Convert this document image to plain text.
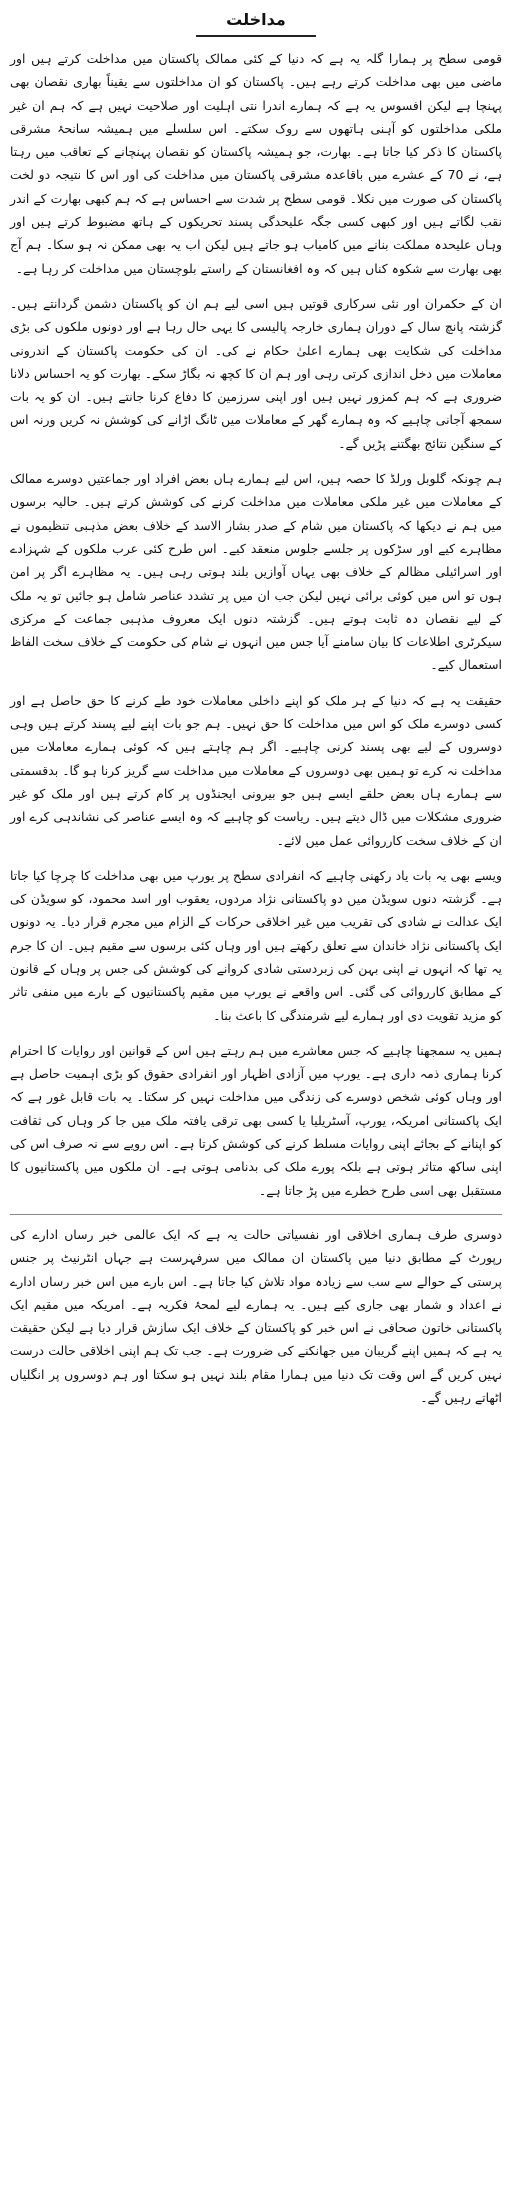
مداخلت

قومی سطح پر ہمارا گلہ یہ ہے کہ دنیا کے کئی ممالک پاکستان میں مداخلت کرتے ہیں اور ماضی میں بھی مداخلت کرتے رہے ہیں۔ پاکستان کو ان مداخلتوں سے یقیناً بھاری نقصان بھی پہنچا ہے لیکن افسوس یہ ہے کہ ہمارے اندرا نتی اہلیت اور صلاحیت نہیں ہے کہ ہم ان غیر ملکی مداخلتوں کو آہنی ہاتھوں سے روک سکتے۔ اس سلسلے میں ہمیشہ سانحۂ مشرقی پاکستان کا ذکر کیا جاتا ہے۔ بھارت، جو ہمیشہ پاکستان کو نقصان پہنچانے کے تعاقب میں رہتا ہے، نے 70 کے عشرے میں باقاعدہ مشرقی پاکستان میں مداخلت کی اور اس کا نتیجہ دو لخت پاکستان کی صورت میں نکلا۔ قومی سطح پر شدت سے احساس ہے کہ ہم کبھی بھارت کے اندر نقب لگاتے ہیں اور کبھی کسی جگہ علیحدگی پسند تحریکوں کے ہاتھ مضبوط کرتے ہیں اور وہاں علیحدہ مملکت بنانے میں کامیاب ہو جاتے ہیں لیکن اب یہ بھی ممکن نہ ہو سکا۔ ہم آج بھی بھارت سے شکوہ کناں ہیں کہ وہ افغانستان کے راستے بلوچستان میں مداخلت کر رہا ہے۔

ان کے حکمران اور نئی سرکاری قوتیں ہیں اسی لیے ہم ان کو پاکستان دشمن گردانتے ہیں۔ گزشتہ پانچ سال کے دوران ہماری خارجہ پالیسی کا یہی حال رہا ہے اور دونوں ملکوں کی بڑی مداخلت کی شکایت بھی ہمارے اعلیٰ حکام نے کی۔ ان کی حکومت پاکستان کے اندرونی معاملات میں دخل اندازی کرتی رہی اور ہم ان کا کچھ نہ بگاڑ سکے۔ بھارت کو یہ احساس دلانا ضروری ہے کہ ہم کمزور نہیں ہیں اور اپنی سرزمین کا دفاع کرنا جانتے ہیں۔ ان کو یہ بات سمجھ آجانی چاہیے کہ وہ ہمارے گھر کے معاملات میں ٹانگ اڑانے کی کوشش نہ کریں ورنہ اس کے سنگین نتائج بھگتنے پڑیں گے۔

ہم چونکہ گلوبل ورلڈ کا حصہ ہیں، اس لیے ہمارے ہاں بعض افراد اور جماعتیں دوسرے ممالک کے معاملات میں غیر ملکی معاملات میں مداخلت کرنے کی کوشش کرتے ہیں۔ حالیہ برسوں میں ہم نے دیکھا کہ پاکستان میں شام کے صدر بشار الاسد کے خلاف بعض مذہبی تنظیموں نے مظاہرے کیے اور سڑکوں پر جلسے جلوس منعقد کیے۔ اس طرح کئی عرب ملکوں کے شہزادے اور اسرائیلی مظالم کے خلاف بھی یہاں آوازیں بلند ہوتی رہی ہیں۔ یہ مظاہرے اگر پر امن ہوں تو اس میں کوئی برائی نہیں لیکن جب ان میں پر تشدد عناصر شامل ہو جائیں تو یہ ملک کے لیے نقصان دہ ثابت ہوتے ہیں۔ گزشتہ دنوں ایک معروف مذہبی جماعت کے مرکزی سیکرٹری اطلاعات کا بیان سامنے آیا جس میں انہوں نے شام کی حکومت کے خلاف سخت الفاظ استعمال کیے۔

حقیقت یہ ہے کہ دنیا کے ہر ملک کو اپنے داخلی معاملات خود طے کرنے کا حق حاصل ہے اور کسی دوسرے ملک کو اس میں مداخلت کا حق نہیں۔ ہم جو بات اپنے لیے پسند کرتے ہیں وہی دوسروں کے لیے بھی پسند کرنی چاہیے۔ اگر ہم چاہتے ہیں کہ کوئی ہمارے معاملات میں مداخلت نہ کرے تو ہمیں بھی دوسروں کے معاملات میں مداخلت سے گریز کرنا ہو گا۔ بدقسمتی سے ہمارے ہاں بعض حلقے ایسے ہیں جو بیرونی ایجنڈوں پر کام کرتے ہیں اور ملک کو غیر ضروری مشکلات میں ڈال دیتے ہیں۔ ریاست کو چاہیے کہ وہ ایسے عناصر کی نشاندہی کرے اور ان کے خلاف سخت کارروائی عمل میں لائے۔

ویسے بھی یہ بات یاد رکھنی چاہیے کہ انفرادی سطح پر یورپ میں بھی مداخلت کا چرچا کیا جاتا ہے۔ گزشتہ دنوں سویڈن میں دو پاکستانی نژاد مردوں، یعقوب اور اسد محمود، کو سویڈن کی ایک عدالت نے شادی کی تقریب میں غیر اخلاقی حرکات کے الزام میں مجرم قرار دیا۔ یہ دونوں ایک پاکستانی نژاد خاندان سے تعلق رکھتے ہیں اور وہاں کئی برسوں سے مقیم ہیں۔ ان کا جرم یہ تھا کہ انہوں نے اپنی بہن کی زبردستی شادی کروانے کی کوشش کی جس پر وہاں کے قانون کے مطابق کارروائی کی گئی۔ اس واقعے نے یورپ میں مقیم پاکستانیوں کے بارے میں منفی تاثر کو مزید تقویت دی اور ہمارے لیے شرمندگی کا باعث بنا۔

ہمیں یہ سمجھنا چاہیے کہ جس معاشرے میں ہم رہتے ہیں اس کے قوانین اور روایات کا احترام کرنا ہماری ذمہ داری ہے۔ یورپ میں آزادی اظہار اور انفرادی حقوق کو بڑی اہمیت حاصل ہے اور وہاں کوئی شخص دوسرے کی زندگی میں مداخلت نہیں کر سکتا۔ یہ بات قابل غور ہے کہ ایک پاکستانی امریکہ، یورپ، آسٹریلیا یا کسی بھی ترقی یافتہ ملک میں جا کر وہاں کی ثقافت کو اپنانے کے بجائے اپنی روایات مسلط کرنے کی کوشش کرتا ہے۔ اس رویے سے نہ صرف اس کی اپنی ساکھ متاثر ہوتی ہے بلکہ پورے ملک کی بدنامی ہوتی ہے۔ ان ملکوں میں پاکستانیوں کا مستقبل بھی اسی طرح خطرے میں پڑ جاتا ہے۔

دوسری طرف ہماری اخلاقی اور نفسیاتی حالت یہ ہے کہ ایک عالمی خبر رساں ادارے کی رپورٹ کے مطابق دنیا میں پاکستان ان ممالک میں سرفہرست ہے جہاں انٹرنیٹ پر جنس پرستی کے حوالے سے سب سے زیادہ مواد تلاش کیا جاتا ہے۔ اس بارے میں اس خبر رساں ادارے نے اعداد و شمار بھی جاری کیے ہیں۔ یہ ہمارے لیے لمحۂ فکریہ ہے۔ امریکہ میں مقیم ایک پاکستانی خاتون صحافی نے اس خبر کو پاکستان کے خلاف ایک سازش قرار دیا ہے لیکن حقیقت یہ ہے کہ ہمیں اپنے گریبان میں جھانکنے کی ضرورت ہے۔ جب تک ہم اپنی اخلاقی حالت درست نہیں کریں گے اس وقت تک دنیا میں ہمارا مقام بلند نہیں ہو سکتا اور ہم دوسروں پر انگلیاں اٹھاتے رہیں گے۔
